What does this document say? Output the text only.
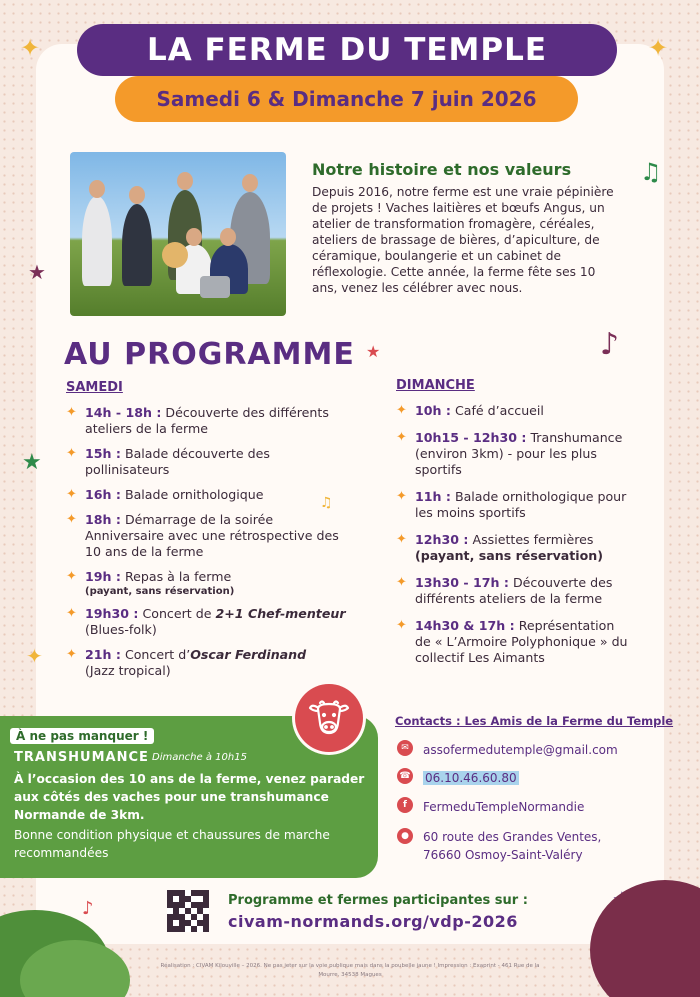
✦	✦
★
★
★
✦
♫
♪
♫
♪
LA FERME DU TEMPLE
Samedi 6 & Dimanche 7 juin 2026
Notre histoire et nos valeurs
Depuis 2016, notre ferme est une vraie pépinière de projets ! Vaches laitières et bœufs Angus, un atelier de transformation fromagère, céréales, ateliers de brassage de bières, d’apiculture, de céramique, boulangerie et un cabinet de réflexologie. Cette année, la ferme fête ses 10 ans, venez les célébrer avec nous.
AU PROGRAMME
SAMEDI
✦ 14h - 18h : Découverte des différents ateliers de la ferme
✦ 15h : Balade découverte des pollinisateurs
✦ 16h : Balade ornithologique
✦ 18h : Démarrage de la soirée Anniversaire avec une rétrospective des 10 ans de la ferme
✦ 19h : Repas à la ferme
(payant, sans réservation)
✦ 19h30 : Concert de 2+1 Chef-menteur
(Blues-folk)
✦ 21h : Concert d’Oscar Ferdinand
(Jazz tropical)
DIMANCHE
✦ 10h : Café d’accueil
✦ 10h15 - 12h30 : Transhumance (environ 3km) - pour les plus sportifs
✦ 11h : Balade ornithologique pour les moins sportifs
✦ 12h30 : Assiettes fermières
(payant, sans réservation)
✦ 13h30 - 17h : Découverte des différents ateliers de la ferme
✦ 14h30 & 17h : Représentation de « L’Armoire Polyphonique » du collectif Les Aimants
À ne pas manquer !
TRANSHUMANCE Dimanche à 10h15
À l’occasion des 10 ans de la ferme, venez parader aux côtés des vaches pour une transhumance Normande de 3km.
Bonne condition physique et chaussures de marche recommandées
Contacts : Les Amis de la Ferme du Temple
✉	assofermedutemple@gmail.com
☎ 06.10.46.60.80
f	FermeduTempleNormandie
●	60 route des Grandes Ventes,
76660 Osmoy-Saint-Valéry
Programme et fermes participantes sur :
civam-normands.org/vdp-2026
Réalisation : CIVAM Kilouville – 2026. Ne pas jeter sur la voie publique mais dans la poubelle jaune ! Impression : Exaprint - 461 Rue de la Mourre, 34538 Magues
